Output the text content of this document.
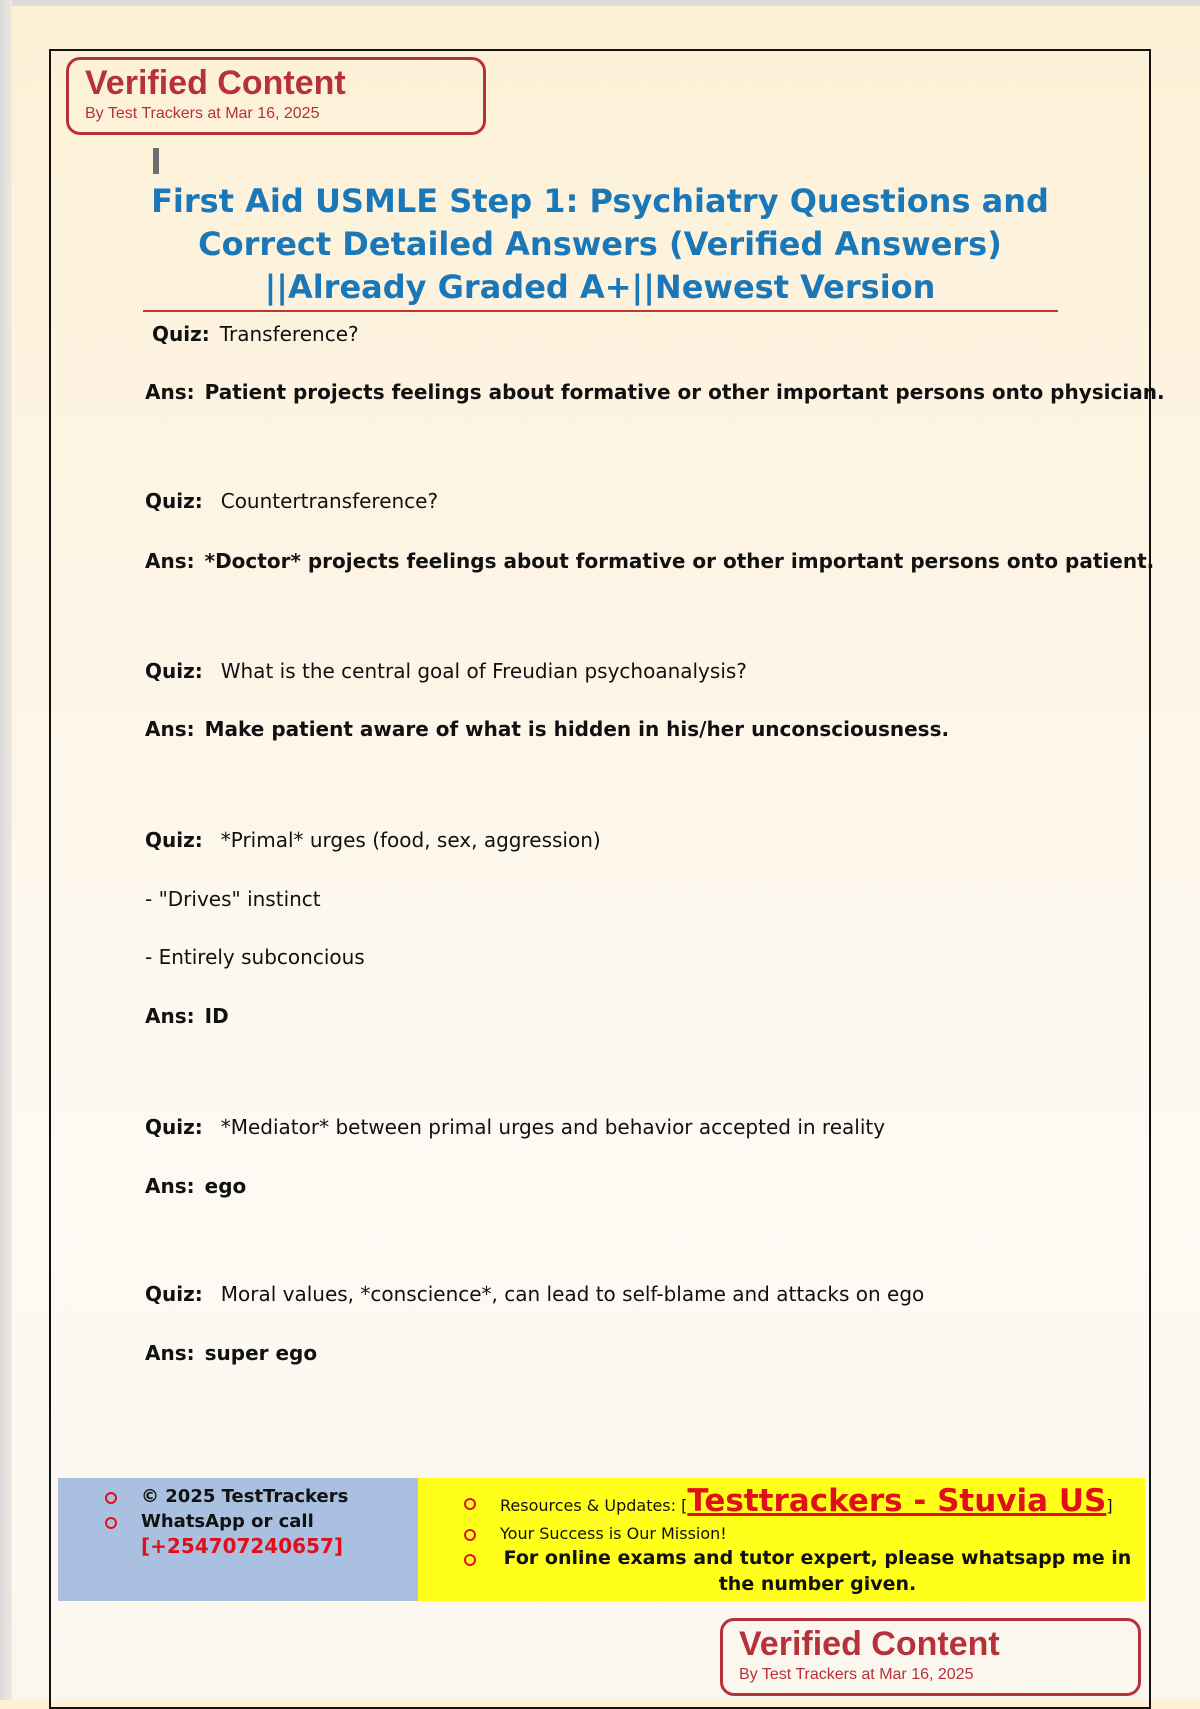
Verified Content
By Test Trackers at Mar 16, 2025
First Aid USMLE Step 1: Psychiatry Questions and Correct Detailed Answers (Verified Answers) ||Already Graded A+||Newest Version
Quiz: Transference?
Ans: Patient projects feelings about formative or other important persons onto physician.
Quiz: Countertransference?
Ans: *Doctor* projects feelings about formative or other important persons onto patient.
Quiz: What is the central goal of Freudian psychoanalysis?
Ans: Make patient aware of what is hidden in his/her unconsciousness.
Quiz: *Primal* urges (food, sex, aggression)
- "Drives" instinct
- Entirely subconcious
Ans: ID
Quiz: *Mediator* between primal urges and behavior accepted in reality
Ans: ego
Quiz: Moral values, *conscience*, can lead to self-blame and attacks on ego
Ans: super ego
© 2025 TestTrackers
WhatsApp or call
[+254707240657]
Resources & Updates: [Testtrackers - Stuvia US]
Your Success is Our Mission!
For online exams and tutor expert, please whatsapp me in the number given.
Verified Content
By Test Trackers at Mar 16, 2025
